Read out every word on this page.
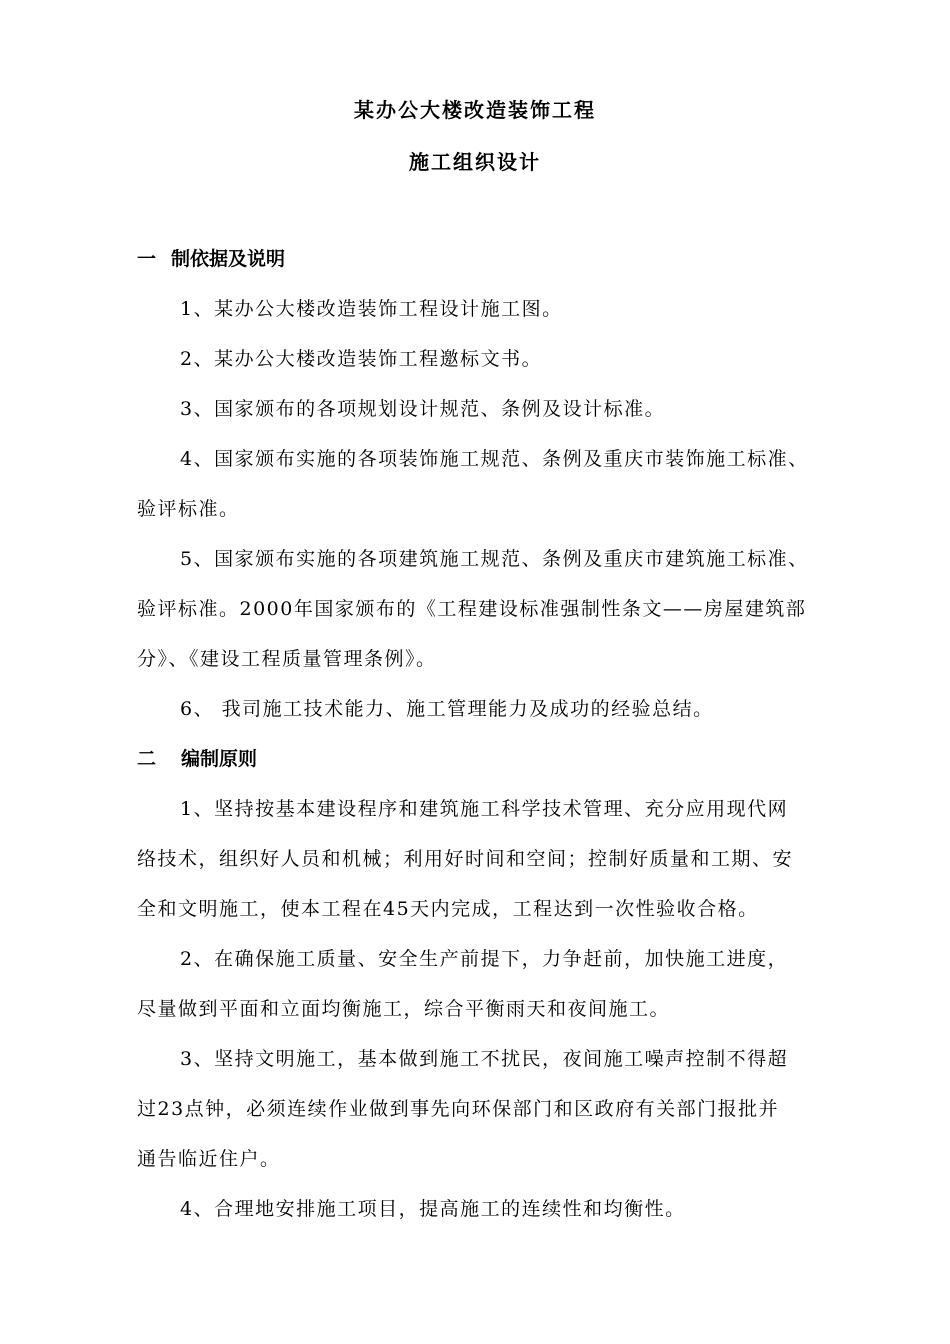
某办公大楼改造装饰工程
施工组织设计
一 制依据及说明
1、某办公大楼改造装饰工程设计施工图。
2、某办公大楼改造装饰工程邀标文书。
3、国家颁布的各项规划设计规范、条例及设计标准。
4、国家颁布实施的各项装饰施工规范、条例及重庆市装饰施工标准、
验评标准。
5、国家颁布实施的各项建筑施工规范、条例及重庆市建筑施工标准、
验评标准。2000年国家颁布的《工程建设标准强制性条文——房屋建筑部
分》、《建设工程质量管理条例》。
6、 我司施工技术能力、施工管理能力及成功的经验总结。
二 编制原则
1、坚持按基本建设程序和建筑施工科学技术管理、充分应用现代网
络技术，组织好人员和机械；利用好时间和空间；控制好质量和工期、安
全和文明施工，使本工程在45天内完成，工程达到一次性验收合格。
2、在确保施工质量、安全生产前提下，力争赶前，加快施工进度，
尽量做到平面和立面均衡施工，综合平衡雨天和夜间施工。
3、坚持文明施工，基本做到施工不扰民，夜间施工噪声控制不得超
过23点钟，必须连续作业做到事先向环保部门和区政府有关部门报批并
通告临近住户。
4、合理地安排施工项目，提高施工的连续性和均衡性。
